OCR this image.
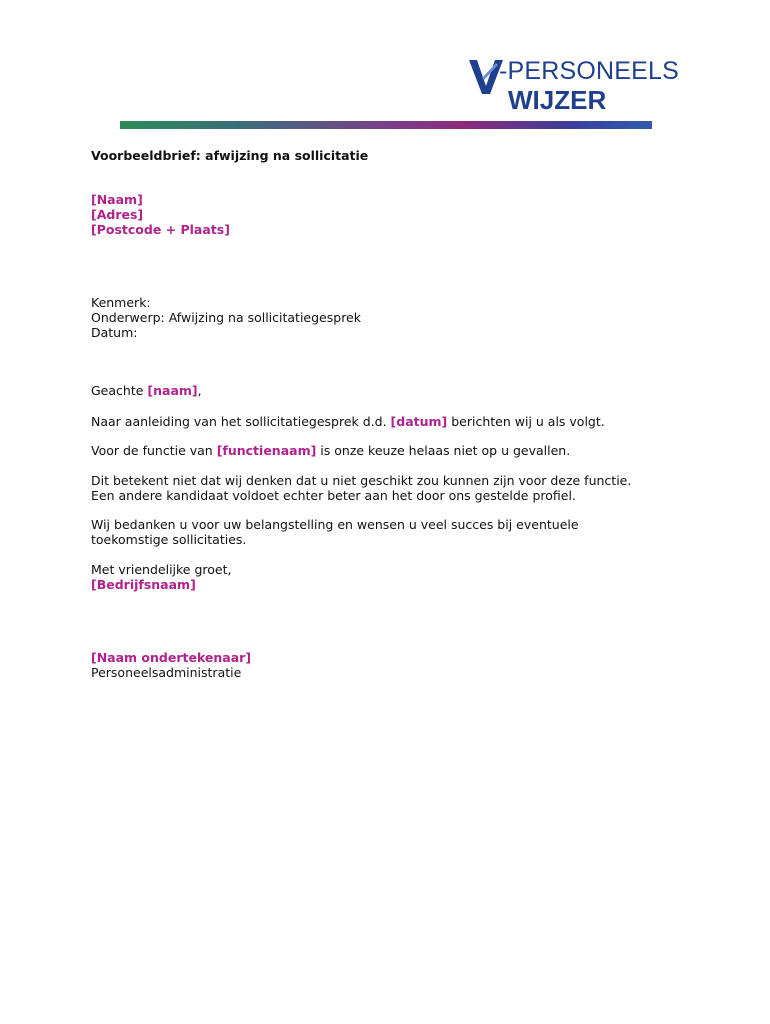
-PERSONEELS
WIJZER
Voorbeeldbrief: afwijzing na sollicitatie
[Naam]
[Adres]
[Postcode + Plaats]
Kenmerk:
Onderwerp: Afwijzing na sollicitatiegesprek
Datum:
Geachte [naam],
Naar aanleiding van het sollicitatiegesprek d.d. [datum] berichten wij u als volgt.
Voor de functie van [functienaam] is onze keuze helaas niet op u gevallen.
Dit betekent niet dat wij denken dat u niet geschikt zou kunnen zijn voor deze functie.
Een andere kandidaat voldoet echter beter aan het door ons gestelde profiel.
Wij bedanken u voor uw belangstelling en wensen u veel succes bij eventuele
toekomstige sollicitaties.
Met vriendelijke groet,
[Bedrijfsnaam]
[Naam ondertekenaar]
Personeelsadministratie
